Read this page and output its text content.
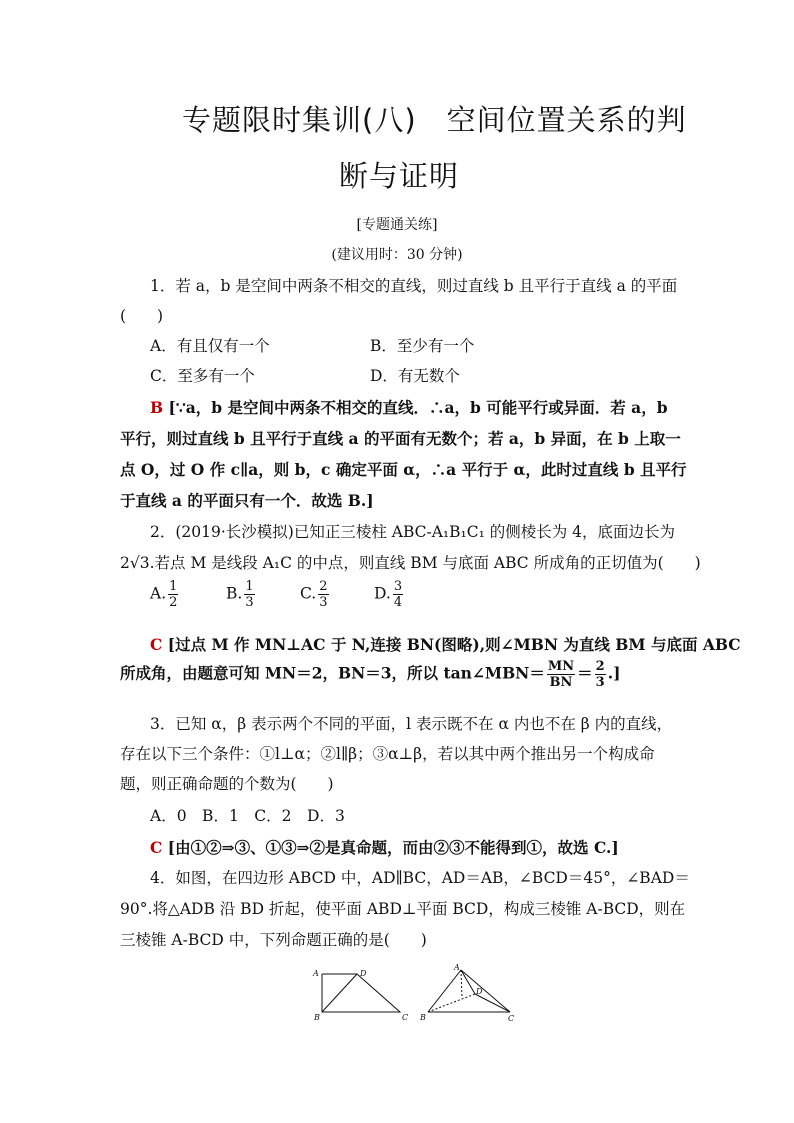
专题限时集训(八)　空间位置关系的判
断与证明
[专题通关练]
(建议用时：30 分钟)
1．若 a，b 是空间中两条不相交的直线，则过直线 b 且平行于直线 a 的平面
(　　)
A．有且仅有一个	B．至少有一个
C．至多有一个	D．有无数个
B [∵a，b 是空间中两条不相交的直线．∴a，b 可能平行或异面．若 a，b
平行，则过直线 b 且平行于直线 a 的平面有无数个；若 a，b 异面，在 b 上取一
点 O，过 O 作 c∥a，则 b，c 确定平面 α，∴a 平行于 α，此时过直线 b 且平行
于直线 a 的平面只有一个．故选 B.]
2．(2019·长沙模拟)已知正三棱柱 ABC-A₁B₁C₁ 的侧棱长为 4，底面边长为
2√3.若点 M 是线段 A₁C 的中点，则直线 BM 与底面 ABC 所成角的正切值为(　　)
A. $\frac{1}{2}$	B. $\frac{1}{3}$	C. $\frac{2}{3}$	D. $\frac{3}{4}$
C [过点 M 作 MN⊥AC 于 N,连接 BN(图略),则∠MBN 为直线 BM 与底面 ABC
所成角，由题意可知 MN＝2，BN＝3，所以 tan∠MBN＝ $\frac{MN}{BN} = \frac{2}{3}$ .]
3．已知 α，β 表示两个不同的平面，l 表示既不在 α 内也不在 β 内的直线，
存在以下三个条件：①l⊥α；②l∥β；③α⊥β，若以其中两个推出另一个构成命
题，则正确命题的个数为(　　)
A．0　B．1　C．2　D．3
C [由①②⇒③、①③⇒②是真命题，而由②③不能得到①，故选 C.]
4．如图，在四边形 ABCD 中，AD∥BC，AD＝AB，∠BCD＝45°，∠BAD＝
90°.将△ADB 沿 BD 折起，使平面 ABD⊥平面 BCD，构成三棱锥 A-BCD，则在
三棱锥 A-BCD 中，下列命题正确的是(　　)
A	D
B	C
A
D
B	C
